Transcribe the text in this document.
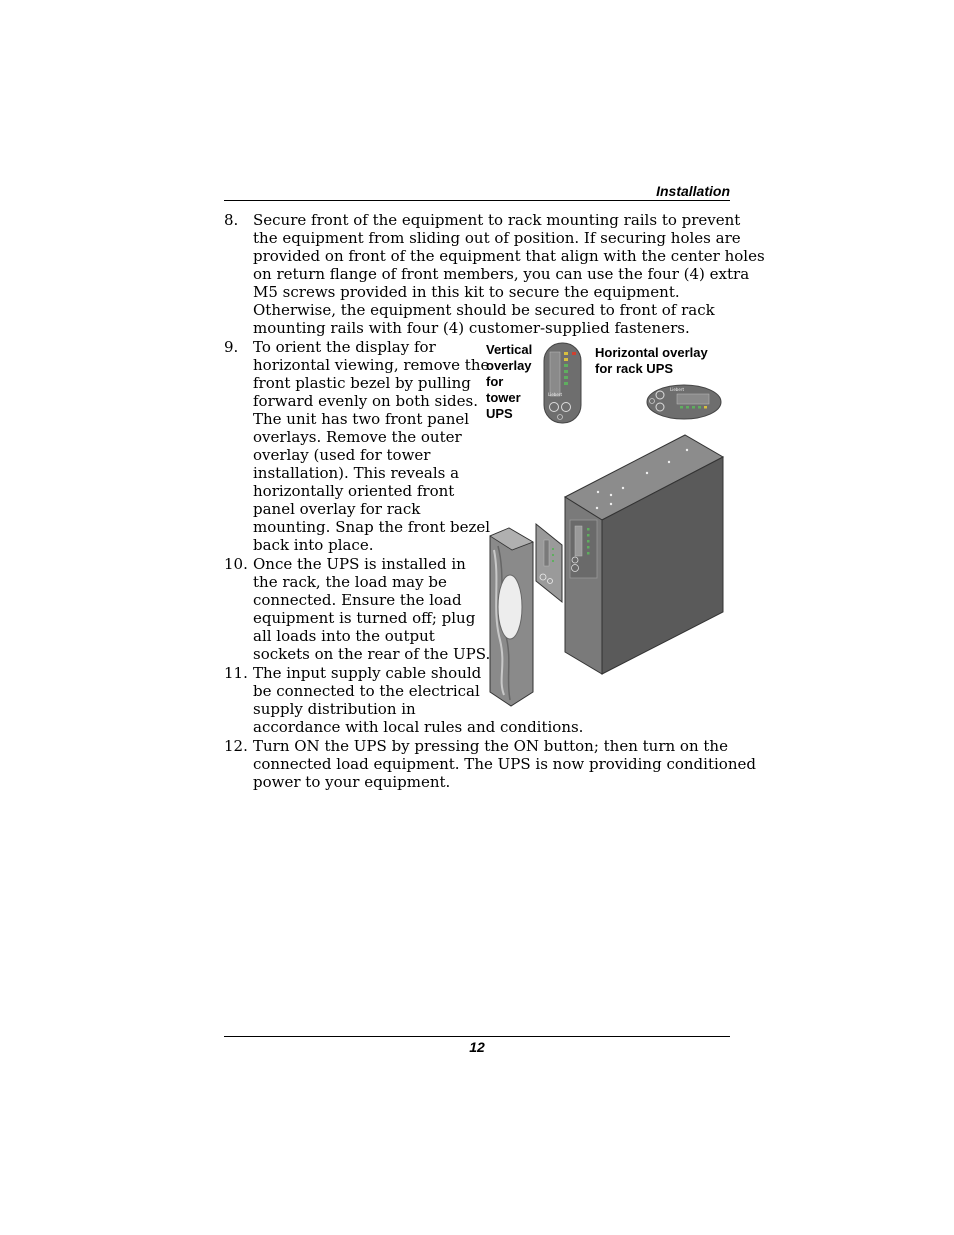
Installation
8. Secure front of the equipment to rack mounting rails to prevent
the equipment from sliding out of position. If securing holes are
provided on front of the equipment that align with the center holes
on return flange of front members, you can use the four (4) extra
M5 screws provided in this kit to secure the equipment.
Otherwise, the equipment should be secured to front of rack
mounting rails with four (4) customer-supplied fasteners.
9. To orient the display for
horizontal viewing, remove the
front plastic bezel by pulling
forward evenly on both sides.
The unit has two front panel
overlays. Remove the outer
overlay (used for tower
installation). This reveals a
horizontally oriented front
panel overlay for rack
mounting. Snap the front bezel
back into place.
10. Once the UPS is installed in
the rack, the load may be
connected. Ensure the load
equipment is turned off; plug
all loads into the output
sockets on the rear of the UPS.
11. The input supply cable should
be connected to the electrical
supply distribution in
accordance with local rules and conditions.
12. Turn ON the UPS by pressing the ON button; then turn on the
connected load equipment. The UPS is now providing conditioned
power to your equipment.
Vertical
overlay
for
tower
UPS
Horizontal overlay
for rack UPS
Liebert
Liebert
12
